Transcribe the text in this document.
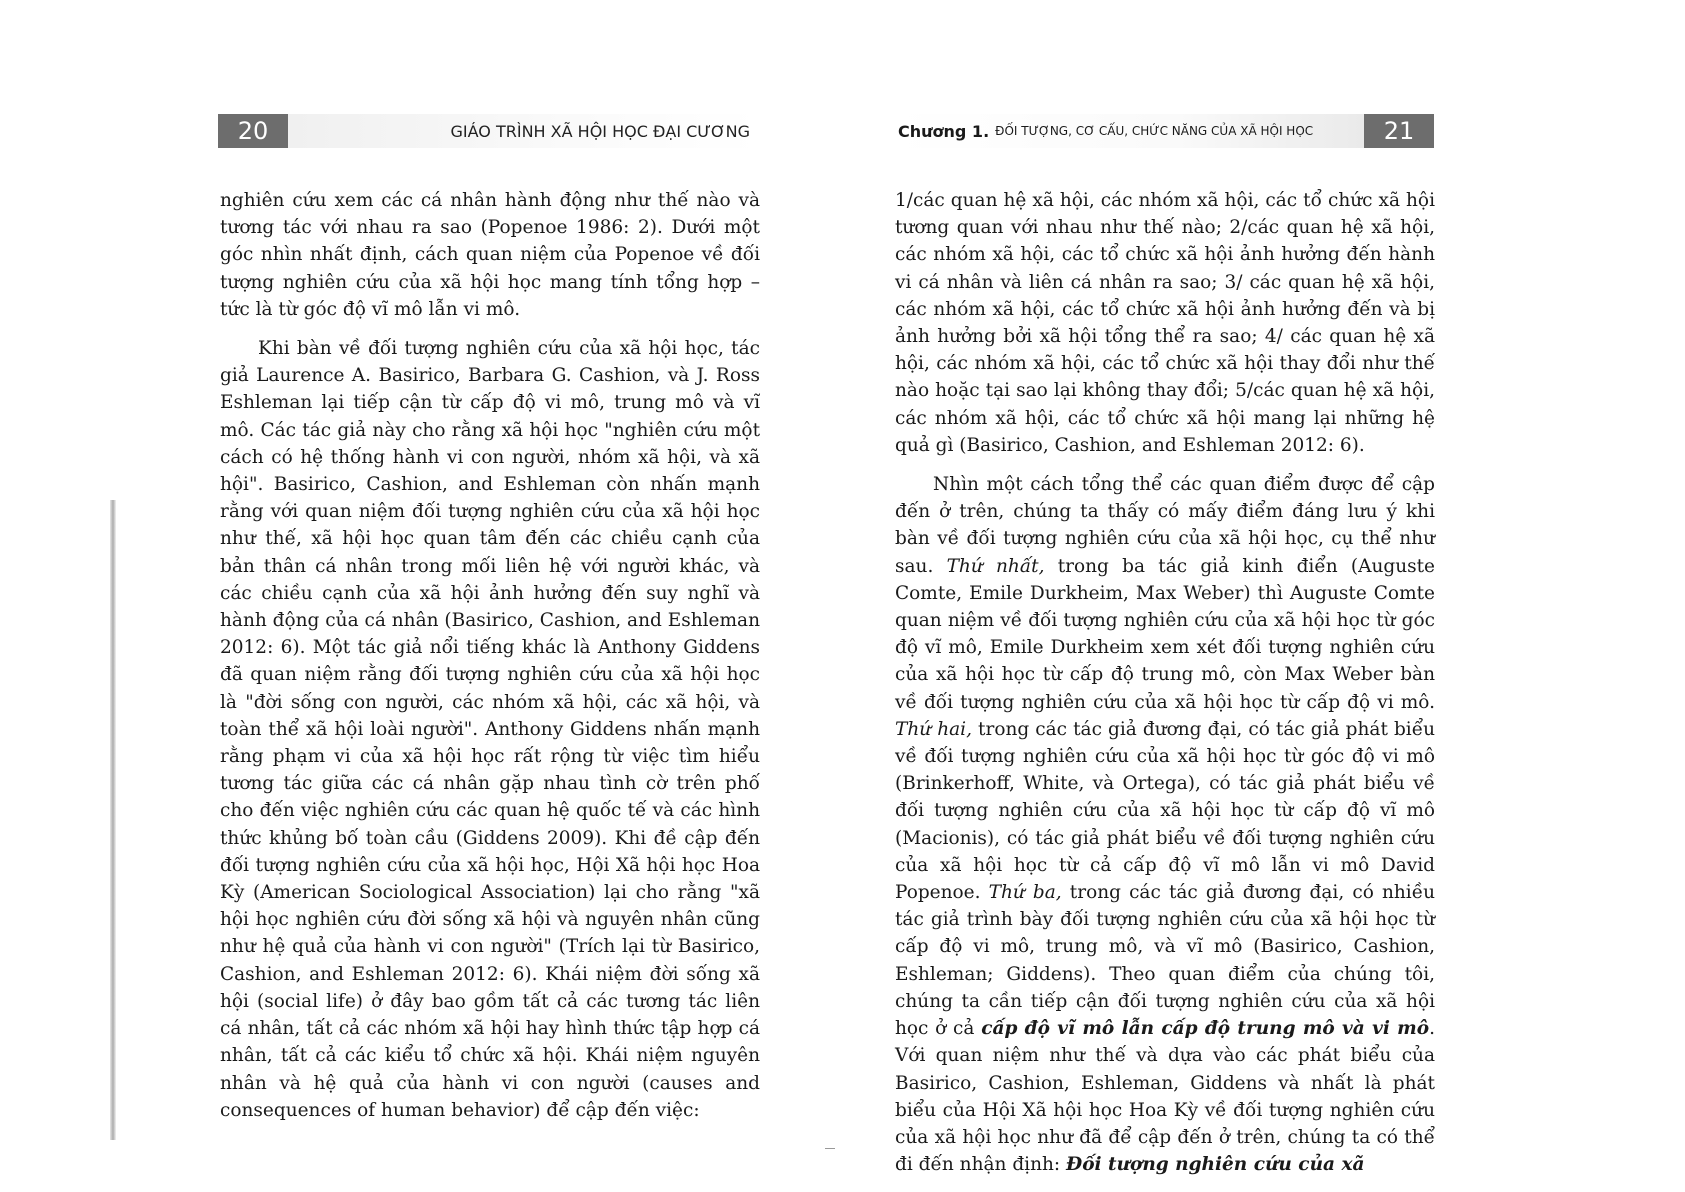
20	GIÁO TRÌNH XÃ HỘI HỌC ĐẠI CƯƠNG

nghiên cứu xem các cá nhân hành động như thế nào và tương tác với nhau ra sao (Popenoe 1986: 2). Dưới một góc nhìn nhất định, cách quan niệm của Popenoe về đối tượng nghiên cứu của xã hội học mang tính tổng hợp – tức là từ góc độ vĩ mô lẫn vi mô.

Khi bàn về đối tượng nghiên cứu của xã hội học, tác giả Laurence A. Basirico, Barbara G. Cashion, và J. Ross Eshleman lại tiếp cận từ cấp độ vi mô, trung mô và vĩ mô. Các tác giả này cho rằng xã hội học "nghiên cứu một cách có hệ thống hành vi con người, nhóm xã hội, và xã hội". Basirico, Cashion, and Eshleman còn nhấn mạnh rằng với quan niệm đối tượng nghiên cứu của xã hội học như thế, xã hội học quan tâm đến các chiều cạnh của bản thân cá nhân trong mối liên hệ với người khác, và các chiều cạnh của xã hội ảnh hưởng đến suy nghĩ và hành động của cá nhân (Basirico, Cashion, and Eshleman 2012: 6). Một tác giả nổi tiếng khác là Anthony Giddens đã quan niệm rằng đối tượng nghiên cứu của xã hội học là "đời sống con người, các nhóm xã hội, các xã hội, và toàn thể xã hội loài người". Anthony Giddens nhấn mạnh rằng phạm vi của xã hội học rất rộng từ việc tìm hiểu tương tác giữa các cá nhân gặp nhau tình cờ trên phố cho đến việc nghiên cứu các quan hệ quốc tế và các hình thức khủng bố toàn cầu (Giddens 2009). Khi đề cập đến đối tượng nghiên cứu của xã hội học, Hội Xã hội học Hoa Kỳ (American Sociological Association) lại cho rằng "xã hội học nghiên cứu đời sống xã hội và nguyên nhân cũng như hệ quả của hành vi con người" (Trích lại từ Basirico, Cashion, and Eshleman 2012: 6). Khái niệm đời sống xã hội (social life) ở đây bao gồm tất cả các tương tác liên cá nhân, tất cả các nhóm xã hội hay hình thức tập hợp cá nhân, tất cả các kiểu tổ chức xã hội. Khái niệm nguyên nhân và hệ quả của hành vi con người (causes and consequences of human behavior) để cập đến việc:

Chương 1. ĐỐI TƯỢNG, CƠ CẤU, CHỨC NĂNG CỦA XÃ HỘI HỌC	21

1/các quan hệ xã hội, các nhóm xã hội, các tổ chức xã hội tương quan với nhau như thế nào; 2/các quan hệ xã hội, các nhóm xã hội, các tổ chức xã hội ảnh hưởng đến hành vi cá nhân và liên cá nhân ra sao; 3/ các quan hệ xã hội, các nhóm xã hội, các tổ chức xã hội ảnh hưởng đến và bị ảnh hưởng bởi xã hội tổng thể ra sao; 4/ các quan hệ xã hội, các nhóm xã hội, các tổ chức xã hội thay đổi như thế nào hoặc tại sao lại không thay đổi; 5/các quan hệ xã hội, các nhóm xã hội, các tổ chức xã hội mang lại những hệ quả gì (Basirico, Cashion, and Eshleman 2012: 6).

Nhìn một cách tổng thể các quan điểm được để cập đến ở trên, chúng ta thấy có mấy điểm đáng lưu ý khi bàn về đối tượng nghiên cứu của xã hội học, cụ thể như sau. Thứ nhất, trong ba tác giả kinh điển (Auguste Comte, Emile Durkheim, Max Weber) thì Auguste Comte quan niệm về đối tượng nghiên cứu của xã hội học từ góc độ vĩ mô, Emile Durkheim xem xét đối tượng nghiên cứu của xã hội học từ cấp độ trung mô, còn Max Weber bàn về đối tượng nghiên cứu của xã hội học từ cấp độ vi mô. Thứ hai, trong các tác giả đương đại, có tác giả phát biểu về đối tượng nghiên cứu của xã hội học từ góc độ vi mô (Brinkerhoff, White, và Ortega), có tác giả phát biểu về đối tượng nghiên cứu của xã hội học từ cấp độ vĩ mô (Macionis), có tác giả phát biểu về đối tượng nghiên cứu của xã hội học từ cả cấp độ vĩ mô lẫn vi mô David Popenoe. Thứ ba, trong các tác giả đương đại, có nhiều tác giả trình bày đối tượng nghiên cứu của xã hội học từ cấp độ vi mô, trung mô, và vĩ mô (Basirico, Cashion, Eshleman; Giddens). Theo quan điểm của chúng tôi, chúng ta cần tiếp cận đối tượng nghiên cứu của xã hội học ở cả cấp độ vĩ mô lẫn cấp độ trung mô và vi mô. Với quan niệm như thế và dựa vào các phát biểu của Basirico, Cashion, Eshleman, Giddens và nhất là phát biểu của Hội Xã hội học Hoa Kỳ về đối tượng nghiên cứu của xã hội học như đã để cập đến ở trên, chúng ta có thể đi đến nhận định: Đối tượng nghiên cứu của xã
